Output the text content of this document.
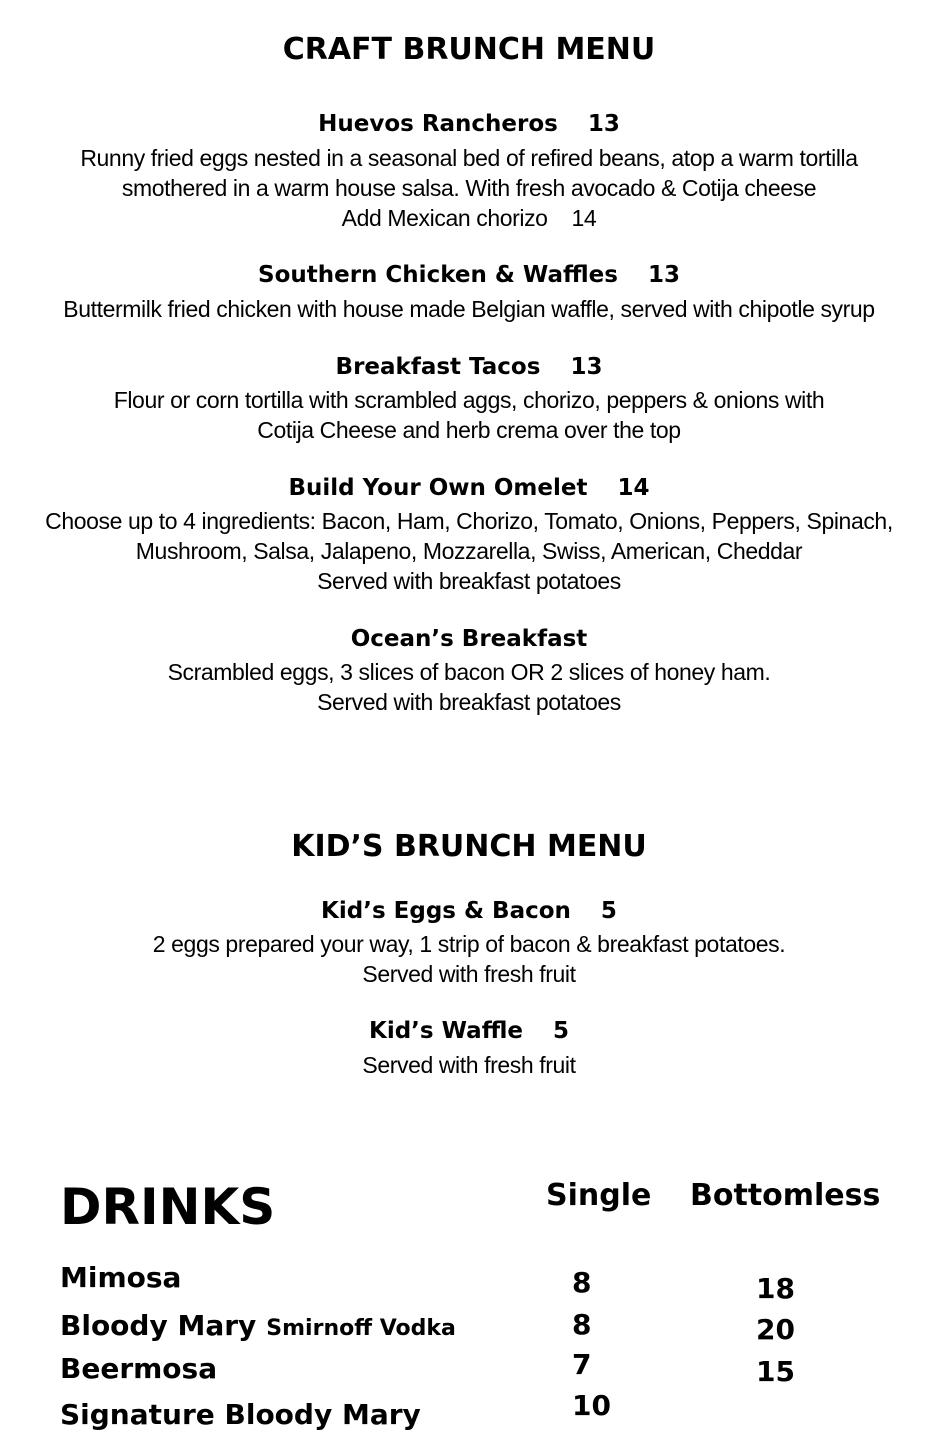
CRAFT BRUNCH MENU
Huevos Rancheros 13
Runny fried eggs nested in a seasonal bed of refired beans, atop a warm tortilla
smothered in a warm house salsa. With fresh avocado & Cotija cheese
Add Mexican chorizo    14
Southern Chicken & Waffles 13
Buttermilk fried chicken with house made Belgian waffle, served with chipotle syrup
Breakfast Tacos 13
Flour or corn tortilla with scrambled aggs, chorizo, peppers & onions with
Cotija Cheese and herb crema over the top
Build Your Own Omelet 14
Choose up to 4 ingredients: Bacon, Ham, Chorizo, Tomato, Onions, Peppers, Spinach,
Mushroom, Salsa, Jalapeno, Mozzarella, Swiss, American, Cheddar
Served with breakfast potatoes
Ocean’s Breakfast
Scrambled eggs, 3 slices of bacon OR 2 slices of honey ham.
Served with breakfast potatoes
KID’S BRUNCH MENU
Kid’s Eggs & Bacon 5
2 eggs prepared your way, 1 strip of bacon & breakfast potatoes.
Served with fresh fruit
Kid’s Waffle 5
Served with fresh fruit
DRINKS	Single Bottomless
Mimosa	8	18
Bloody Mary Smirnoff Vodka	8	20
Beermosa	7	15
Signature Bloody Mary	10
